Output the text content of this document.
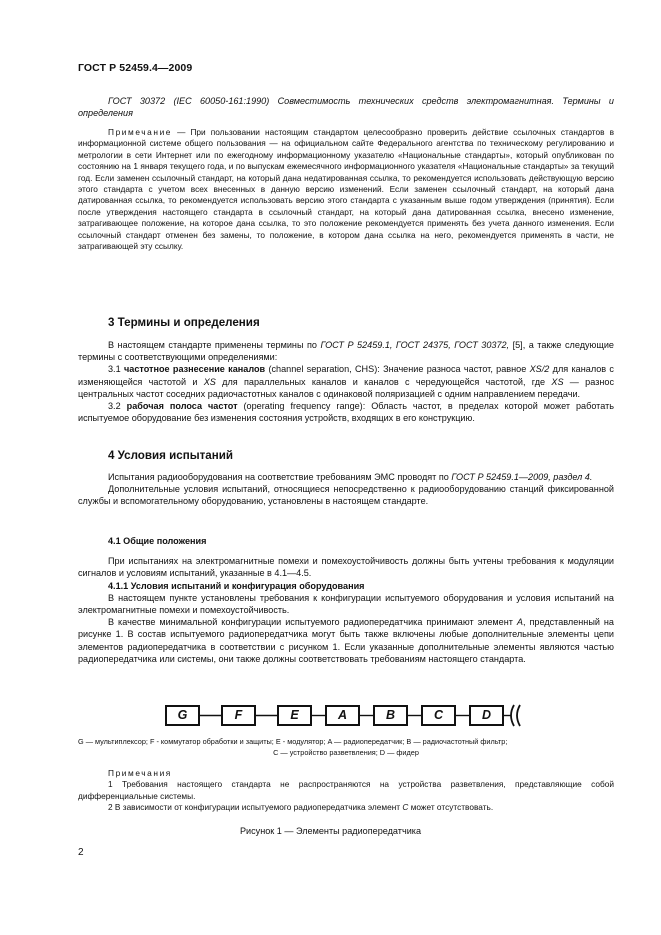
ГОСТ Р 52459.4—2009

ГОСТ 30372 (IEC 60050-161:1990) Совместимость технических средств электромагнитная. Термины и определения

Примечание — При пользовании настоящим стандартом целесообразно проверить действие ссылочных стандартов в информационной системе общего пользования — на официальном сайте Федерального агентства по техническому регулированию и метрологии в сети Интернет или по ежегодному информационному указателю «Национальные стандарты», который опубликован по состоянию на 1 января текущего года, и по выпускам ежемесячного информационного указателя «Национальные стандарты» за текущий год. Если заменен ссылочный стандарт, на который дана недатированная ссылка, то рекомендуется использовать действующую версию этого стандарта с учетом всех внесенных в данную версию изменений. Если заменен ссылочный стандарт, на который дана датированная ссылка, то рекомендуется использовать версию этого стандарта с указанным выше годом утверждения (принятия). Если после утверждения настоящего стандарта в ссылочный стандарт, на который дана датированная ссылка, внесено изменение, затрагивающее положение, на которое дана ссылка, то это положение рекомендуется применять без учета данного изменения. Если ссылочный стандарт отменен без замены, то положение, в котором дана ссылка на него, рекомендуется применять в части, не затрагивающей эту ссылку.

3 Термины и определения

В настоящем стандарте применены термины по ГОСТ Р 52459.1, ГОСТ 24375, ГОСТ 30372, [5], а также следующие термины с соответствующими определениями:

3.1 частотное разнесение каналов (channel separation, CHS): Значение разноса частот, равное XS/2 для каналов с изменяющейся частотой и XS для параллельных каналов и каналов с чередующейся частотой, где XS — разнос центральных частот соседних радиочастотных каналов с одинаковой поляризацией с одним направлением передачи.

3.2 рабочая полоса частот (operating frequency range): Область частот, в пределах которой может работать испытуемое оборудование без изменения состояния устройств, входящих в его конструкцию.

4 Условия испытаний

Испытания радиооборудования на соответствие требованиям ЭМС проводят по ГОСТ Р 52459.1—2009, раздел 4.

Дополнительные условия испытаний, относящиеся непосредственно к радиооборудованию станций фиксированной службы и вспомогательному оборудованию, установлены в настоящем стандарте.

4.1 Общие положения

При испытаниях на электромагнитные помехи и помехоустойчивость должны быть учтены требования к модуляции сигналов и условиям испытаний, указанные в 4.1—4.5.

4.1.1 Условия испытаний и конфигурация оборудования

В настоящем пункте установлены требования к конфигурации испытуемого оборудования и условия испытаний на электромагнитные помехи и помехоустойчивость.

В качестве минимальной конфигурации испытуемого радиопередатчика принимают элемент А, представленный на рисунке 1. В состав испытуемого радиопередатчика могут быть также включены любые дополнительные элементы цепи элементов радиопередатчика в соответствии с рисунком 1. Если указанные дополнительные элементы являются частью радиопередатчика или системы, они также должны соответствовать требованиям настоящего стандарта.

G	F	E	A	B	C	D

G — мультиплексор; F - коммутатор обработки и защиты; E - модулятор; A — радиопередатчик; B — радиочастотный фильтр;

C — устройство разветвления; D — фидер

Примечания

1 Требования настоящего стандарта не распространяются на устройства разветвления, представляющие собой дифференциальные системы.

2 В зависимости от конфигурации испытуемого радиопередатчика элемент С может отсутствовать.

Рисунок 1 — Элементы радиопередатчика
2
